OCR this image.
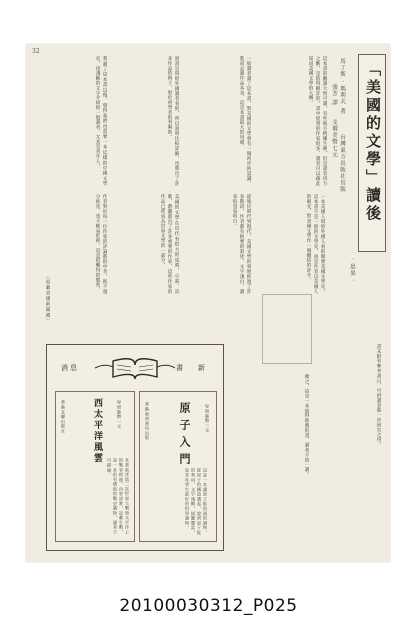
32
「美國的文學」讀後
· 思果 ·
馬丁斯 · 瑪利夫 著　　　台灣東方出版社出版
張芳 譯　　支價美幣七元

一本美國人寫給外國人看的簡要美國文學史。這本書不是一般的文學史，而是作者以美國人的眼光，對美國文學作一個概括的評介。

從殖民時代到現代，美國文學的發展經過了許多階段，作者都有扼要的敍述，文字淺白，讀來很容易明白。

這本書的翻譯大致可讀，有些地方稍嫌生硬，但是譯者用力之勤，是值得稱許的。書中提到的作家很多，讀者可以藉此知道美國文學的大概。

一般讀者讀了這本書，對美國的文學會有一個初步的認識，進而去讀作品本身，這是本書最大的用處。

原書是寫給外國讀者看的，所以說明比較詳細，也舉出了許多作品的例子，對於初學者很有幫助。

我讀了這本書以後，覺得我們也需要一本這樣的中國文學史，用淺顯的文字介紹給一般讀者，尤其是青年人。

美國的文學在近代有很大的成就，小說、詩歌、戲劇都出了許多重要的作家，這些作家的作品已經成為世界文學的一部分。

作者對於每一位作家的評論都很中肯，既不過分推崇，也不輕易貶抑，這是很難得的態度。

（原載美國新聞處）

書末附有參考書目，可供讀者進一步研究之用。

總之，這是一本值得推薦的書，讀者不妨一讀。

消息	書 新
原子入門	每冊港幣二元
香港東南書局出版
這是一本講原子能的通俗讀物，從原子的構造講起，說到原子能的利用，文字淺顯，插圖豐富，是青年學生最好的科學讀物。
西太平洋風雲	每冊港幣一元
香港友聯出版社
本書敍述第二次世界大戰時太平洋上的戰爭經過，內容詳實，記載生動，是一本很有價值的戰史讀物，讀者不可錯過。
20100030312_P025
